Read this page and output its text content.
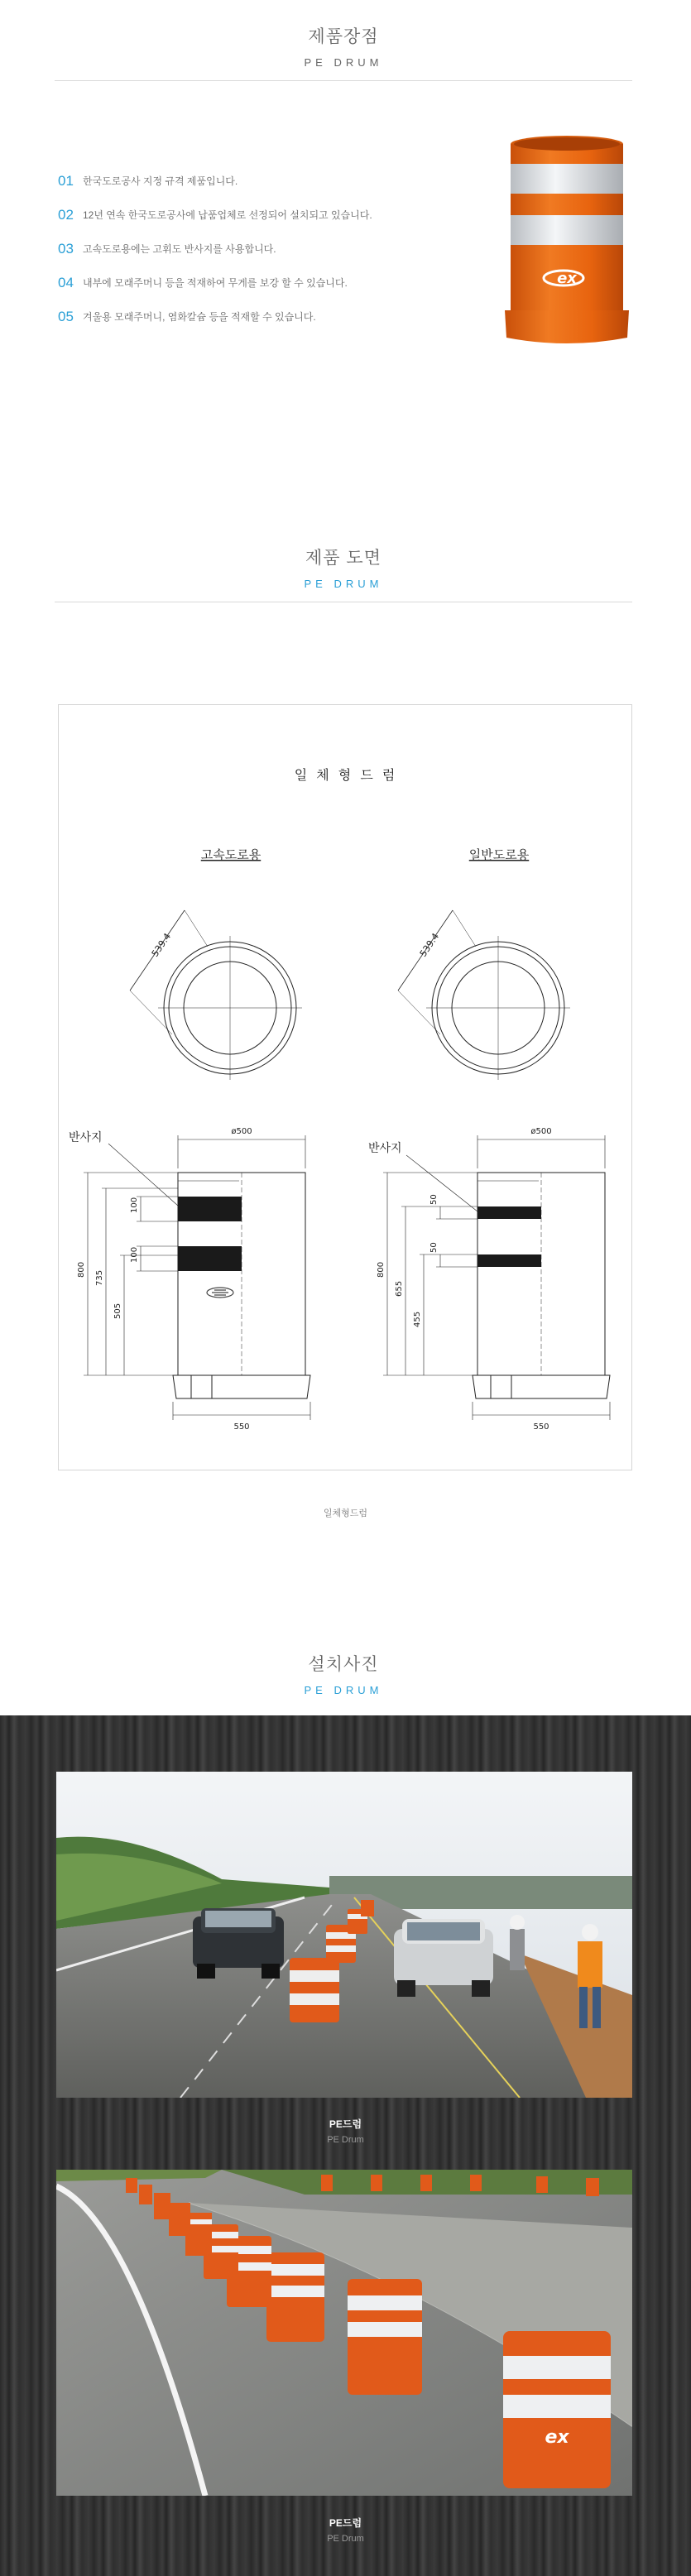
제품장점
PE DRUM
01 한국도로공사 지정 규격 제품입니다.
02 12년 연속 한국도로공사에 납품업체로 선정되어 설치되고 있습니다.
03 고속도로용에는 고휘도 반사지를 사용합니다.
04 내부에 모래주머니 등을 적재하여 무게를 보강 할 수 있습니다.
05 겨울용 모래주머니, 염화칼슘 등을 적재할 수 있습니다.
ex
제품 도면
PE DRUM
일 체 형 드 럼
고속도로용	일반도로용
539.4	539.4
반사지	ø500
550
800
735
505
100
100
반사지
ø500
550
800
655
455
50
50
일체형드럼
설치사진
PE DRUM
PE드럼
PE Drum
ex
PE드럼
PE Drum
